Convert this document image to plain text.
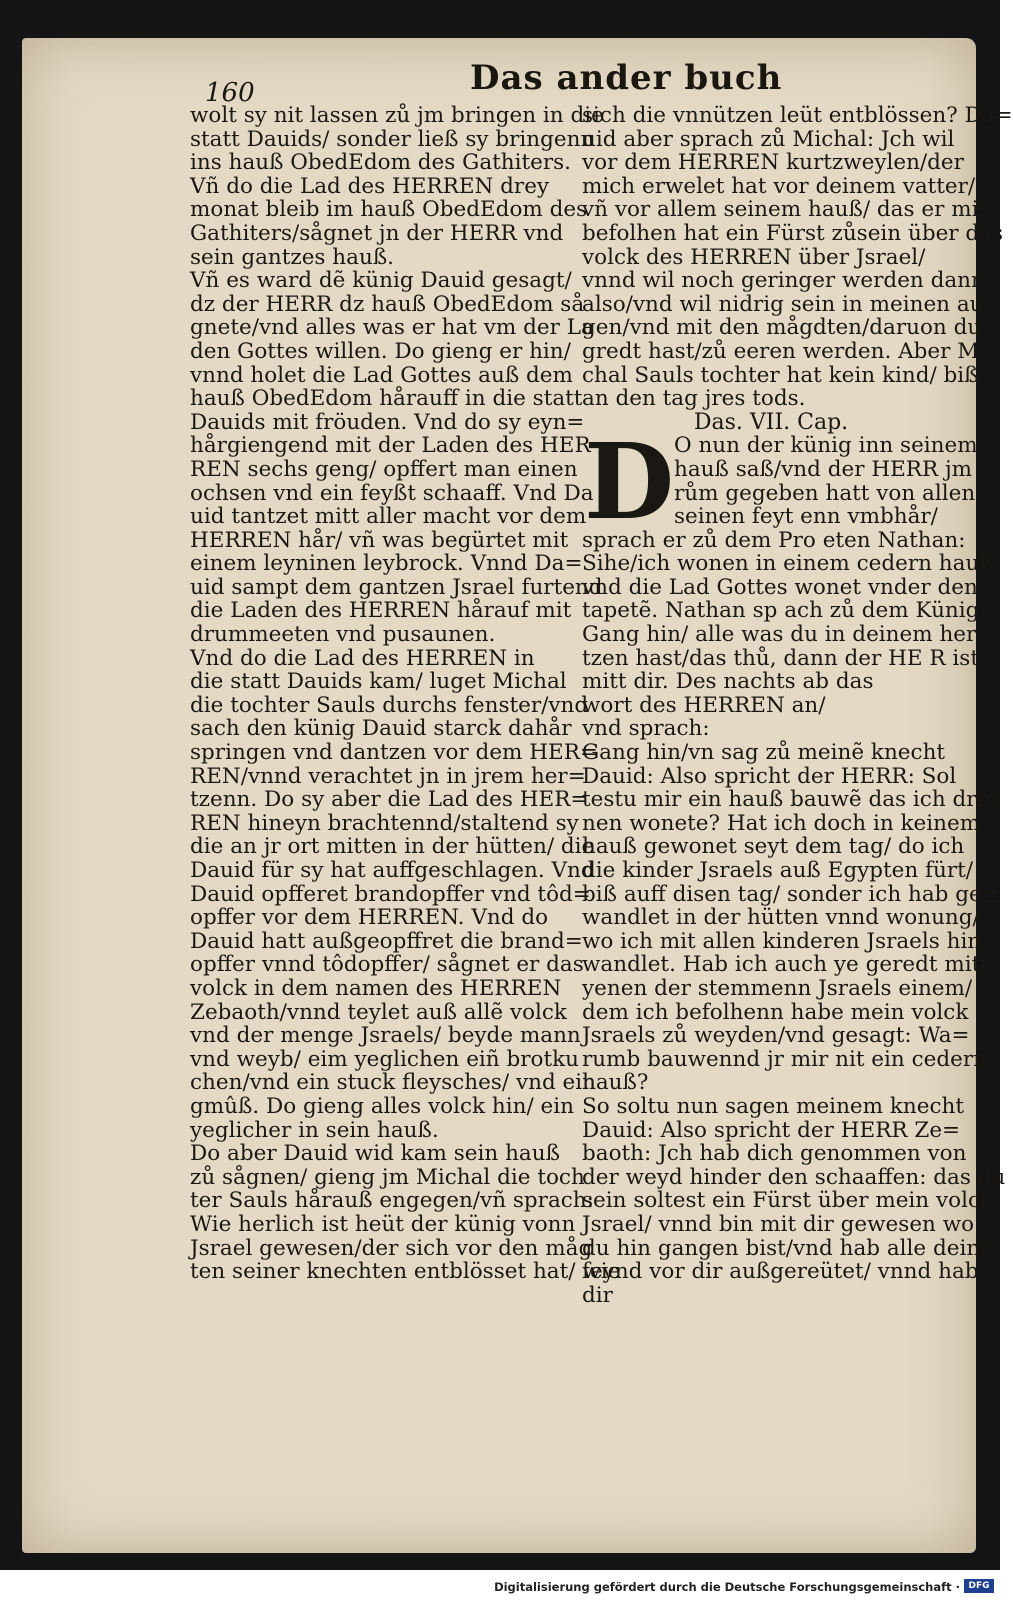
160	Das ander buch
wolt sy nit lassen zů jm bringen in die
statt Dauids/ sonder ließ sy bringenn
ins hauß ObedEdom des Gathiters.
Vñ do die Lad des HERREN drey
monat bleib im hauß ObedEdom des
Gathiters/sågnet jn der HERR vnd
sein gantzes hauß.
Vñ es ward dẽ künig Dauid gesagt/
dz der HERR dz hauß ObedEdom så
gnete/vnd alles was er hat vm der La
den Gottes willen. Do gieng er hin/
vnnd holet die Lad Gottes auß dem
hauß ObedEdom hårauff in die statt
Dauids mit fröuden. Vnd do sy eyn=
hårgiengend mit der Laden des HER
REN sechs geng/ opffert man einen
ochsen vnd ein feyßt schaaff. Vnd Da
uid tantzet mitt aller macht vor dem
HERREN hår/ vñ was begürtet mit
einem leyninen leybrock. Vnnd Da=
uid sampt dem gantzen Jsrael furtend
die Laden des HERREN hårauf mit
drummeeten vnd pusaunen.
Vnd do die Lad des HERREN in
die statt Dauids kam/ luget Michal
die tochter Sauls durchs fenster/vnd
sach den künig Dauid starck dahår
springen vnd dantzen vor dem HER=
REN/vnnd verachtet jn in jrem her=
tzenn. Do sy aber die Lad des HER=
REN hineyn brachtennd/staltend sy
die an jr ort mitten in der hütten/ die
Dauid für sy hat auffgeschlagen. Vnd
Dauid opfferet brandopffer vnd tôd=
opffer vor dem HERREN. Vnd do
Dauid hatt außgeopffret die brand=
opffer vnnd tôdopffer/ sågnet er das
volck in dem namen des HERREN
Zebaoth/vnnd teylet auß allẽ volck
vnd der menge Jsraels/ beyde mann
vnd weyb/ eim yeglichen eiñ brotku
chen/vnd ein stuck fleysches/ vnd ein
gmûß. Do gieng alles volck hin/ ein
yeglicher in sein hauß.
Do aber Dauid wid kam sein hauß
zů sågnen/ gieng jm Michal die toch
ter Sauls hårauß engegen/vñ sprach:
Wie herlich ist heüt der künig vonn
Jsrael gewesen/der sich vor den måg
ten seiner knechten entblösset hat/ wie
sich die vnnützen leüt entblössen? Da=
uid aber sprach zů Michal: Jch wil
vor dem HERREN kurtzweylen/der
mich erwelet hat vor deinem vatter/
vñ vor allem seinem hauß/ das er mir
befolhen hat ein Fürst zůsein über das
volck des HERREN über Jsrael/
vnnd wil noch geringer werden dann
also/vnd wil nidrig sein in meinen au
gen/vnd mit den mågdten/daruon du
gredt hast/zů eeren werden. Aber Mi
chal Sauls tochter hat kein kind/ biß
an den tag jres tods.
Das. VII. Cap.
D O nun der künig inn seinem
hauß saß/vnd der HERR jm
rům gegeben hatt von allen
seinen feyt enn vmbhår/
sprach er zů dem Pro eten Nathan:
Sihe/ich wonen in einem cedern hauß
vnd die Lad Gottes wonet vnder den
tapetẽ. Nathan sp ach zů dem Künig:
Gang hin/ alle was du in deinem her
tzen hast/das thů, dann der HE R ist
mitt dir. Des nachts ab das
wort des HERREN an/
vnd sprach:
Gang hin/vn sag zů meinẽ knecht
Dauid: Also spricht der HERR: Sol
testu mir ein hauß bauwẽ das ich drin
nen wonete? Hat ich doch in keinem
hauß gewonet seyt dem tag/ do ich
die kinder Jsraels auß Egypten fürt/
biß auff disen tag/ sonder ich hab ge=
wandlet in der hütten vnnd wonung/
wo ich mit allen kinderen Jsraels hin
wandlet. Hab ich auch ye geredt mitt
yenen der stemmenn Jsraels einem/
dem ich befolhenn habe mein volck
Jsraels zů weyden/vnd gesagt: Wa=
rumb bauwennd jr mir nit ein cedern
hauß?
So soltu nun sagen meinem knecht
Dauid: Also spricht der HERR Ze=
baoth: Jch hab dich genommen von
der weyd hinder den schaaffen: das du
sein soltest ein Fürst über mein volck
Jsrael/ vnnd bin mit dir gewesen wo
du hin gangen bist/vnd hab alle deine
feynd vor dir außgereütet/ vnnd hab
dir
Digitalisierung gefördert durch die Deutsche Forschungsgemeinschaft · DFG
